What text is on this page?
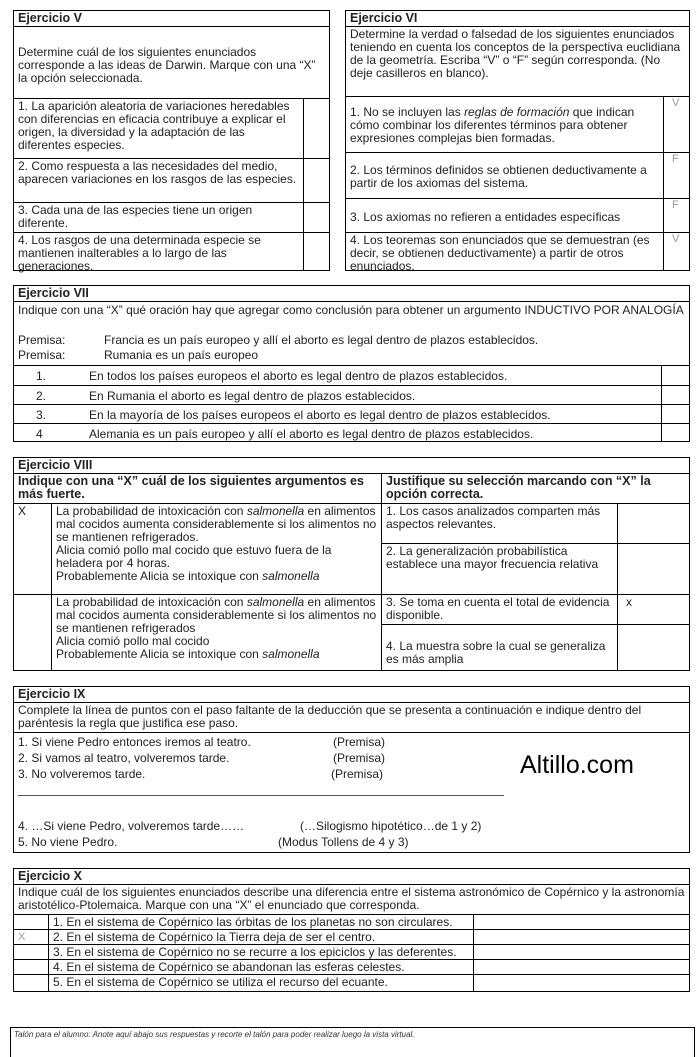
Ejercicio V
Determine cuál de los siguientes enunciados corresponde a las ideas de Darwin. Marque con una “X” la opción seleccionada.
1. La aparición aleatoria de variaciones heredables con diferencias en eficacia contribuye a explicar el origen, la diversidad y la adaptación de las diferentes especies.
2. Como respuesta a las necesidades del medio, aparecen variaciones en los rasgos de las especies.
3. Cada una de las especies tiene un origen diferente.
4. Los rasgos de una determinada especie se mantienen inalterables a lo largo de las generaciones.
Ejercicio VI
Determine la verdad o falsedad de los siguientes enunciados teniendo en cuenta los conceptos de la perspectiva euclidiana de la geometría. Escriba “V” o “F” según corresponda. (No deje casilleros en blanco).
1. No se incluyen las reglas de formación que indican cómo combinar los diferentes términos para obtener expresiones complejas bien formadas.
V
2. Los términos definidos se obtienen deductivamente a partir de los axiomas del sistema.
F
3. Los axiomas no refieren a entidades específicas
F
4. Los teoremas son enunciados que se demuestran (es decir, se obtienen deductivamente) a partir de otros enunciados.
V
Ejercicio VII
Indique con una “X” qué oración hay que agregar como conclusión para obtener un argumento INDUCTIVO POR ANALOGÍA
Premisa:	Francia es un país europeo y allí el aborto es legal dentro de plazos establecidos.
Premisa:	Rumania es un país europeo
1.	En todos los países europeos el aborto es legal dentro de plazos establecidos.
2.	En Rumania el aborto es legal dentro de plazos establecidos.
3.	En la mayoría de los países europeos el aborto es legal dentro de plazos establecidos.
4	Alemania es un país europeo y allí el aborto es legal dentro de plazos establecidos.
Ejercicio VIII
Indique con una “X” cuál de los siguientes argumentos es más fuerte.
Justifique su selección marcando con “X” la opción correcta.
X	La probabilidad de intoxicación con salmonella en alimentos mal cocidos aumenta considerablemente si los alimentos no se mantienen refrigerados.
Alicia comió pollo mal cocido que estuvo fuera de la heladera por 4 horas.
Probablemente Alicia se intoxique con salmonella
La probabilidad de intoxicación con salmonella en alimentos mal cocidos aumenta considerablemente si los alimentos no se mantienen refrigerados
Alicia comió pollo mal cocido
Probablemente Alicia se intoxique con salmonella
1. Los casos analizados comparten más aspectos relevantes.
2. La generalización probabilística establece una mayor frecuencia relativa
3. Se toma en cuenta el total de evidencia disponible.
x
4. La muestra sobre la cual se generaliza es más amplia
Ejercicio IX
Complete la línea de puntos con el paso faltante de la deducción que se presenta a continuación e indique dentro del paréntesis la regla que justifica ese paso.
1. Si viene Pedro entonces iremos al teatro.	(Premisa)
2. Si vamos al teatro, volveremos tarde.	(Premisa)
3. No volveremos tarde.	(Premisa)
4. …Si viene Pedro, volveremos tarde……	(…Silogismo hipotético…de 1 y 2)
5. No viene Pedro.	(Modus Tollens de 4 y 3)
Altillo.com
Ejercicio X
Indique cuál de los siguientes enunciados describe una diferencia entre el sistema astronómico de Copérnico y la astronomía aristotélico-Ptolemaica. Marque con una “X” el enunciado que corresponda.
1. En el sistema de Copérnico las órbitas de los planetas no son circulares.
X	2. En el sistema de Copérnico la Tierra deja de ser el centro.
3. En el sistema de Copérnico no se recurre a los epiciclos y las deferentes.
4. En el sistema de Copérnico se abandonan las esferas celestes.
5. En el sistema de Copérnico se utiliza el recurso del ecuante.
Talón para el alumno: Anote aquí abajo sus respuestas y recorte el talón para poder realizar luego la vista virtual.
